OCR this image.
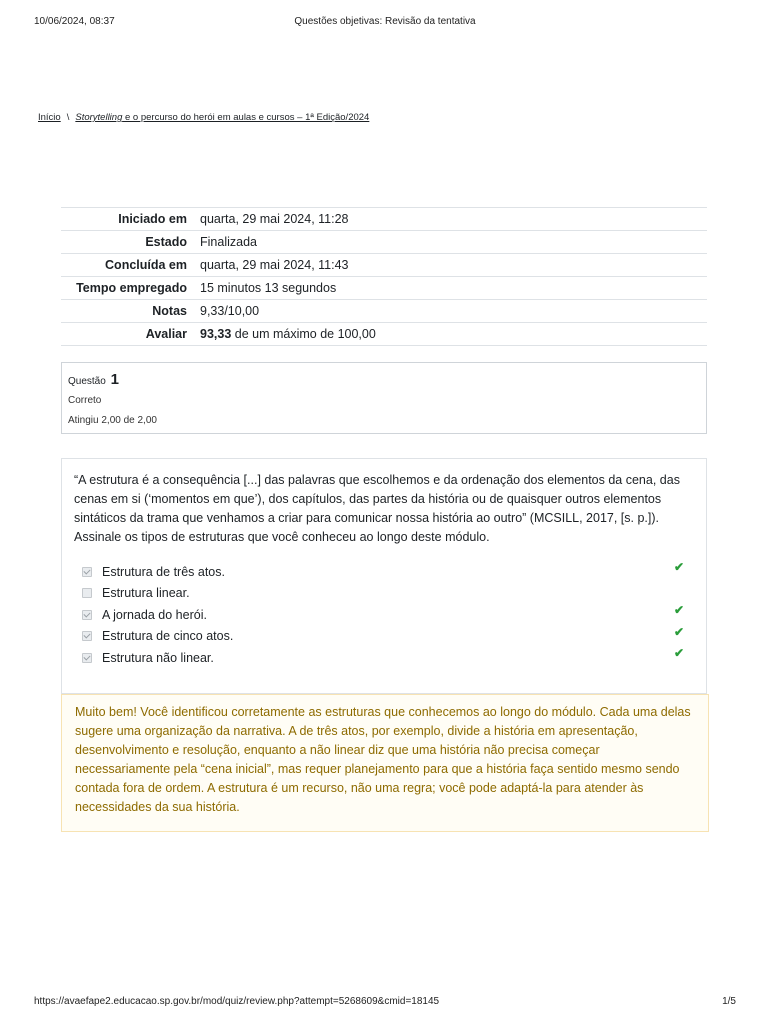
10/06/2024, 08:37	Questões objetivas: Revisão da tentativa
Início \ Storytelling e o percurso do herói em aulas e cursos – 1ª Edição/2024
Iniciado em	quarta, 29 mai 2024, 11:28
Estado	Finalizada
Concluída em	quarta, 29 mai 2024, 11:43
Tempo empregado	15 minutos 13 segundos
Notas	9,33/10,00
Avaliar	93,33 de um máximo de 100,00
Questão 1
Correto
Atingiu 2,00 de 2,00
“A estrutura é a consequência [...] das palavras que escolhemos e da ordenação dos elementos da cena, das cenas em si (‘momentos em que’), dos capítulos, das partes da história ou de quaisquer outros elementos sintáticos da trama que venhamos a criar para comunicar nossa história ao outro” (MCSILL, 2017, [s. p.]). Assinale os tipos de estruturas que você conheceu ao longo deste módulo.
Estrutura de três atos.	✔
Estrutura linear.
A jornada do herói.	✔
Estrutura de cinco atos.	✔
Estrutura não linear.	✔
Muito bem! Você identificou corretamente as estruturas que conhecemos ao longo do módulo. Cada uma delas sugere uma organização da narrativa. A de três atos, por exemplo, divide a história em apresentação, desenvolvimento e resolução, enquanto a não linear diz que uma história não precisa começar necessariamente pela “cena inicial”, mas requer planejamento para que a história faça sentido mesmo sendo contada fora de ordem. A estrutura é um recurso, não uma regra; você pode adaptá-la para atender às necessidades da sua história.
https://avaefape2.educacao.sp.gov.br/mod/quiz/review.php?attempt=5268609&cmid=18145	1/5
